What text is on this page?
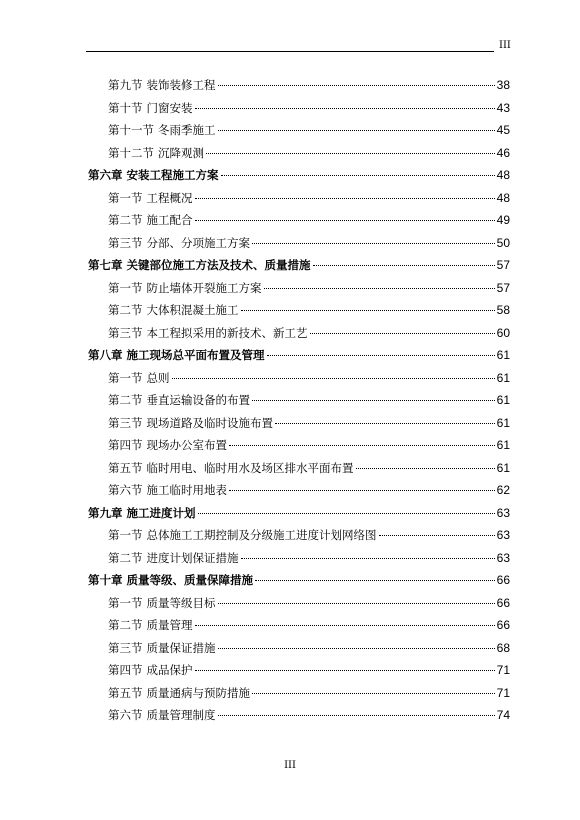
III
第九节 装饰装修工程	38
第十节 门窗安装	43
第十一节 冬雨季施工	45
第十二节 沉降观测	46
第六章 安装工程施工方案	48
第一节 工程概况	48
第二节 施工配合	49
第三节 分部、分项施工方案	50
第七章 关键部位施工方法及技术、质量措施	57
第一节 防止墙体开裂施工方案	57
第二节 大体积混凝土施工	58
第三节 本工程拟采用的新技术、新工艺	60
第八章 施工现场总平面布置及管理	61
第一节 总则	61
第二节 垂直运输设备的布置	61
第三节 现场道路及临时设施布置	61
第四节 现场办公室布置	61
第五节 临时用电、临时用水及场区排水平面布置	61
第六节 施工临时用地表	62
第九章 施工进度计划	63
第一节 总体施工工期控制及分级施工进度计划网络图	63
第二节 进度计划保证措施	63
第十章 质量等级、质量保障措施	66
第一节 质量等级目标	66
第二节 质量管理	66
第三节 质量保证措施	68
第四节 成品保护	71
第五节 质量通病与预防措施	71
第六节 质量管理制度	74
III
